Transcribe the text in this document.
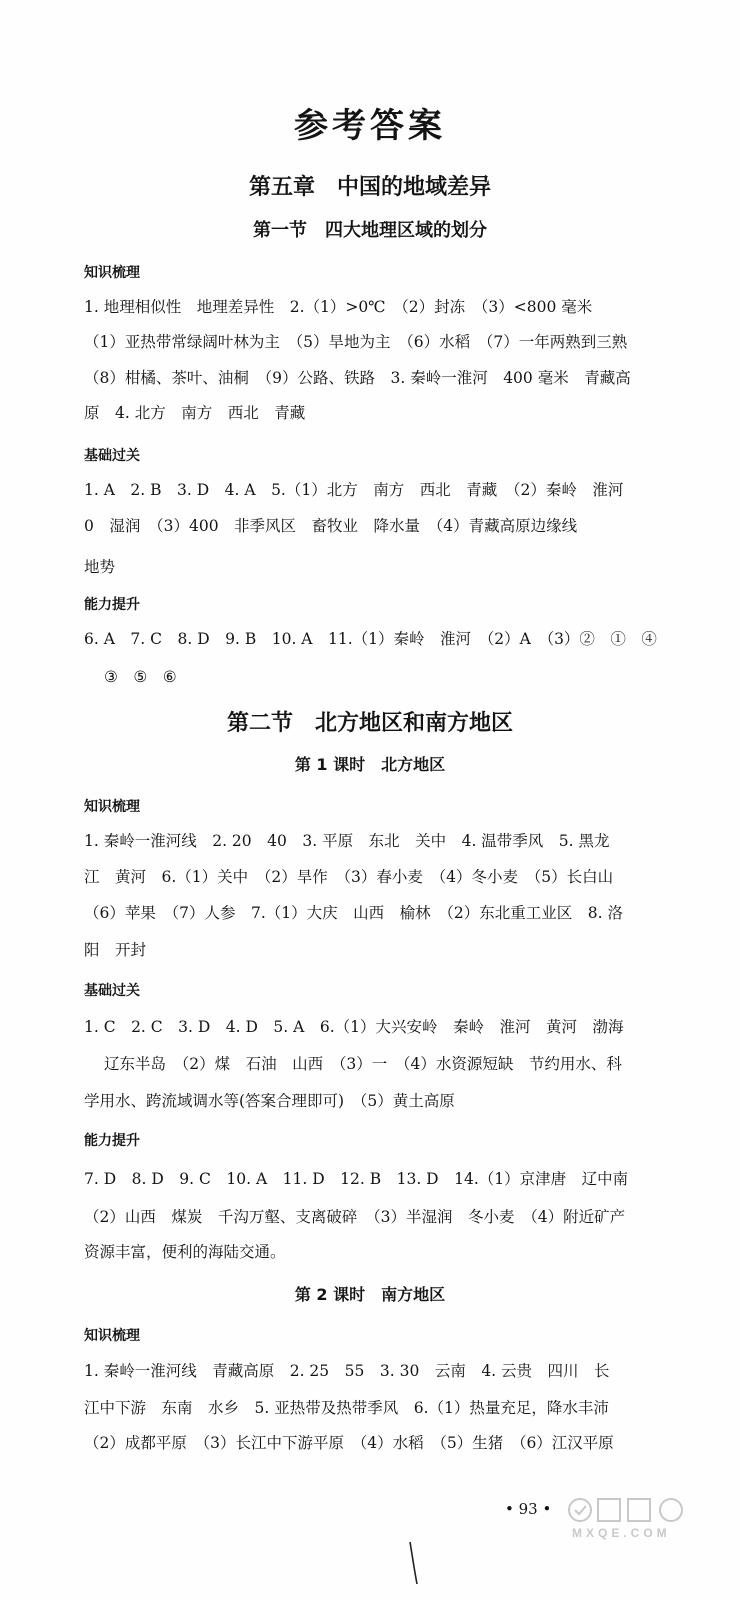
参考答案
第五章　中国的地域差异
第一节　四大地理区域的划分
知识梳理
1. 地理相似性　地理差异性　2.（1）>0℃　（2）封冻　（3）<800 毫米
（1）亚热带常绿阔叶林为主　（5）旱地为主　（6）水稻　（7）一年两熟到三熟
（8）柑橘、茶叶、油桐　（9）公路、铁路　3. 秦岭一淮河　400 毫米　青藏高
原　4. 北方　南方　西北　青藏
基础过关
1. A　2. B　3. D　4. A　5.（1）北方　南方　西北　青藏　（2）秦岭　淮河
0　湿润　（3）400　非季风区　畜牧业　降水量　（4）青藏高原边缘线
地势
能力提升
6. A　7. C　8. D　9. B　10. A　11.（1）秦岭　淮河　（2）A　（3）②　①　④
③　⑤　⑥
第二节　北方地区和南方地区
第 1 课时　北方地区
知识梳理
1. 秦岭一淮河线　2. 20　40　3. 平原　东北　关中　4. 温带季风　5. 黑龙
江　黄河　6.（1）关中　（2）旱作　（3）春小麦　（4）冬小麦　（5）长白山
（6）苹果　（7）人参　7.（1）大庆　山西　榆林　（2）东北重工业区　8. 洛
阳　开封
基础过关
1. C　2. C　3. D　4. D　5. A　6.（1）大兴安岭　秦岭　淮河　黄河　渤海
辽东半岛　（2）煤　石油　山西　（3）一　（4）水资源短缺　节约用水、科
学用水、跨流域调水等(答案合理即可)　（5）黄土高原
能力提升
7. D　8. D　9. C　10. A　11. D　12. B　13. D　14.（1）京津唐　辽中南
（2）山西　煤炭　千沟万壑、支离破碎　（3）半湿润　冬小麦　（4）附近矿产
资源丰富，便利的海陆交通。
第 2 课时　南方地区
知识梳理
1. 秦岭一淮河线　青藏高原　2. 25　55　3. 30　云南　4. 云贵　四川　长
江中下游　东南　水乡　5. 亚热带及热带季风　6.（1）热量充足，降水丰沛
（2）成都平原　（3）长江中下游平原　（4）水稻　（5）生猪　（6）江汉平原
• 93 •
MXQE.COM
